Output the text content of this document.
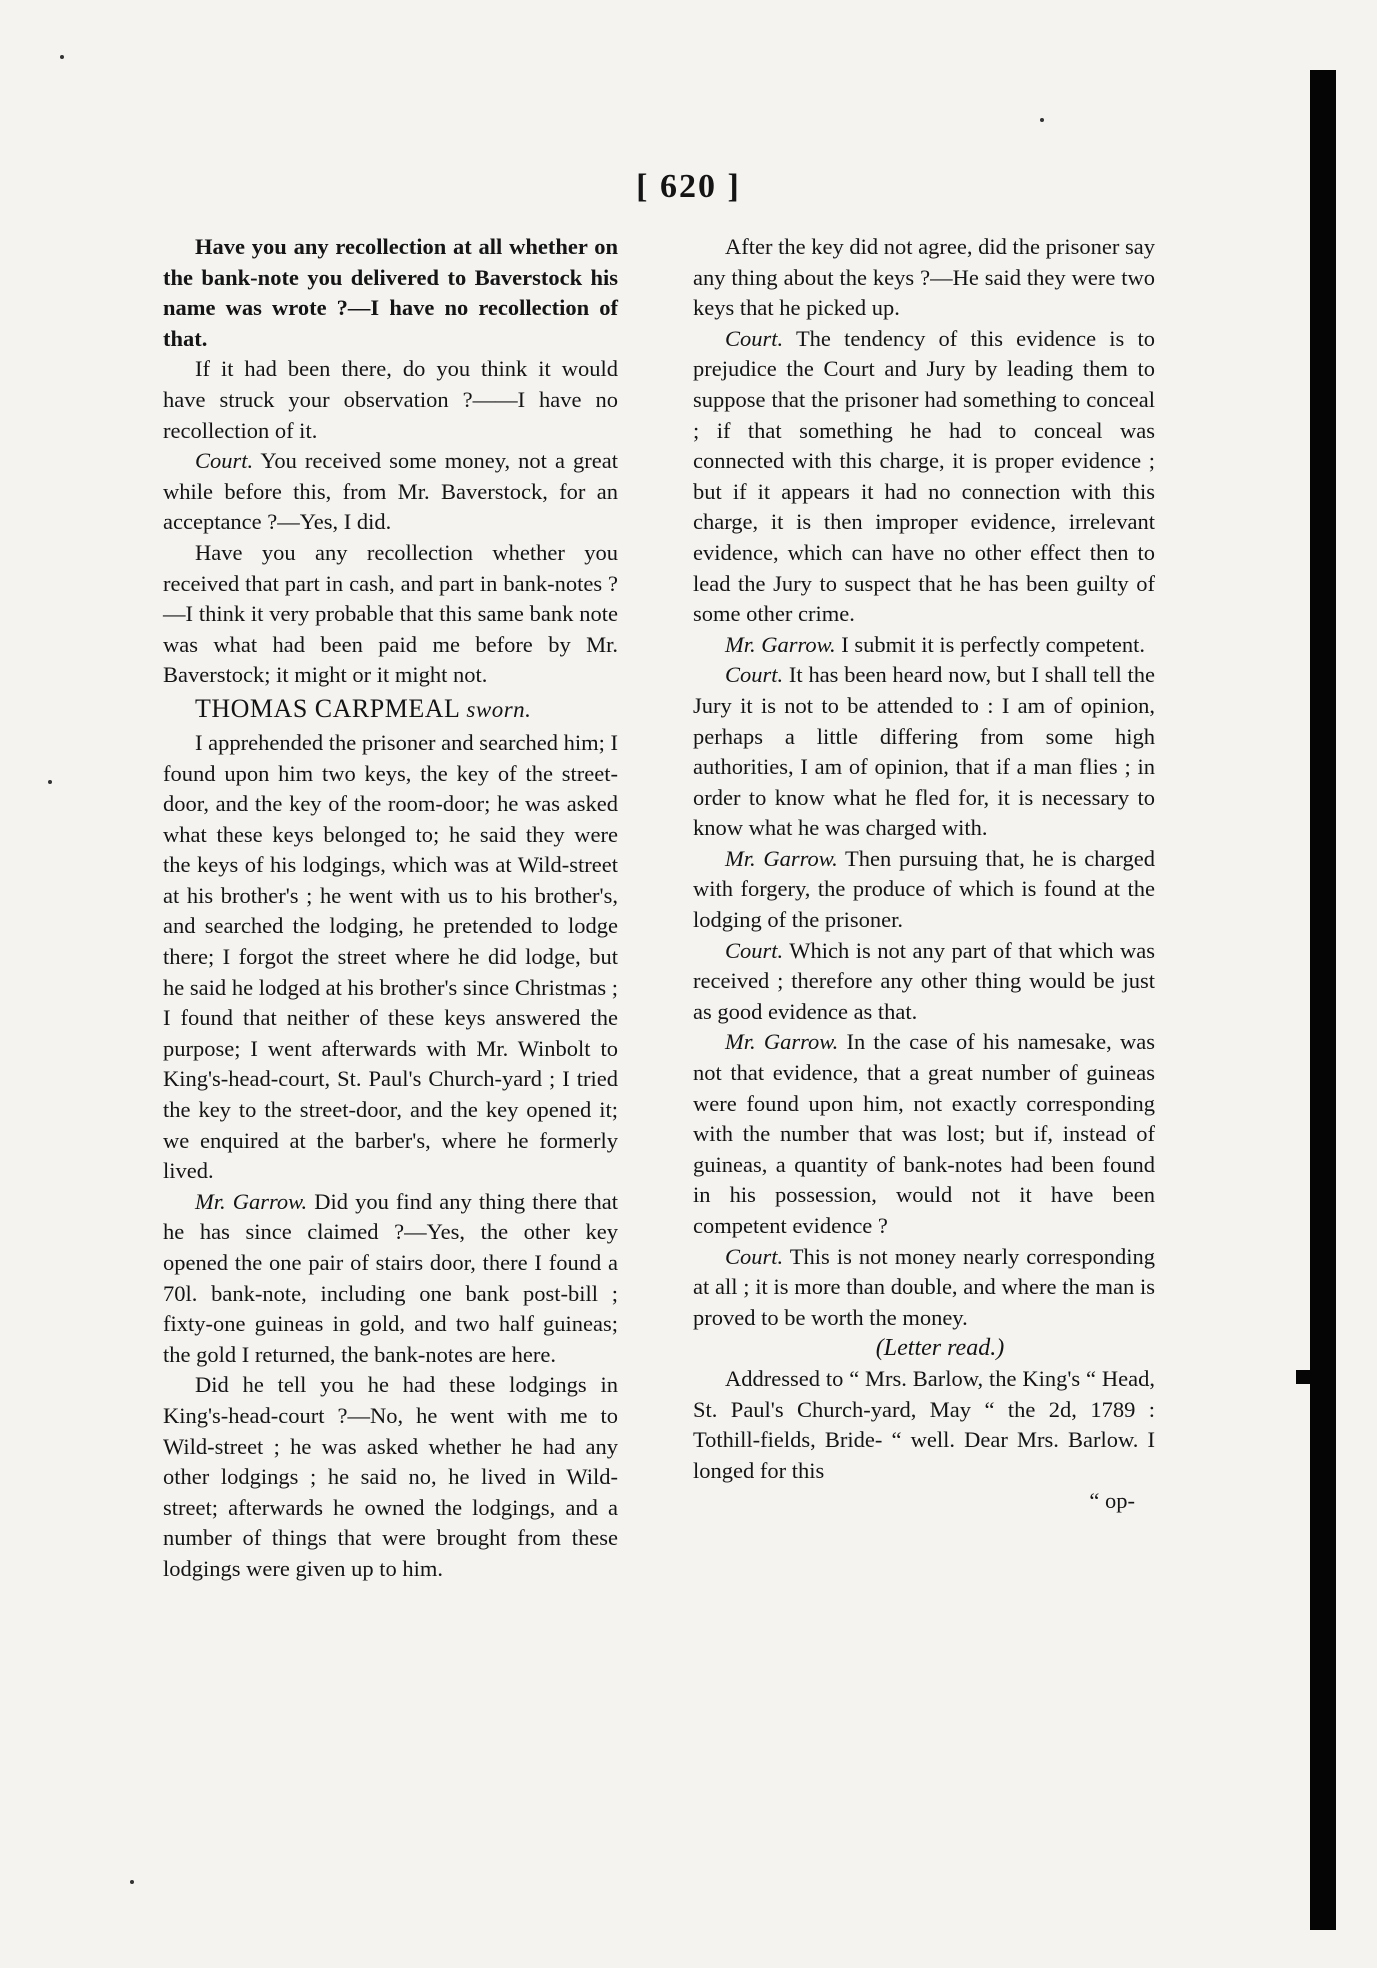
[ 620 ]

Have you any recollection at all whether on the bank-note you delivered to Baverstock his name was wrote ?—I have no recollection of that.

If it had been there, do you think it would have struck your observation ?——I have no recollection of it.

Court. You received some money, not a great while before this, from Mr. Baverstock, for an acceptance ?—Yes, I did.

Have you any recollection whether you received that part in cash, and part in bank-notes ?—I think it very probable that this same bank note was what had been paid me before by Mr. Baverstock; it might or it might not.

THOMAS CARPMEAL sworn.

I apprehended the prisoner and searched him; I found upon him two keys, the key of the street-door, and the key of the room-door; he was asked what these keys belonged to; he said they were the keys of his lodgings, which was at Wild-street at his brother's ; he went with us to his brother's, and searched the lodging, he pretended to lodge there; I forgot the street where he did lodge, but he said he lodged at his brother's since Christmas ; I found that neither of these keys answered the purpose; I went afterwards with Mr. Winbolt to King's-head-court, St. Paul's Church-yard ; I tried the key to the street-door, and the key opened it; we enquired at the barber's, where he formerly lived.

Mr. Garrow. Did you find any thing there that he has since claimed ?—Yes, the other key opened the one pair of stairs door, there I found a 70l. bank-note, including one bank post-bill ; fixty-one guineas in gold, and two half guineas; the gold I returned, the bank-notes are here.

Did he tell you he had these lodgings in King's-head-court ?—No, he went with me to Wild-street ; he was asked whether he had any other lodgings ; he said no, he lived in Wild-street; afterwards he owned the lodgings, and a number of things that were brought from these lodgings were given up to him.

After the key did not agree, did the prisoner say any thing about the keys ?—He said they were two keys that he picked up.

Court. The tendency of this evidence is to prejudice the Court and Jury by leading them to suppose that the prisoner had something to conceal ; if that something he had to conceal was connected with this charge, it is proper evidence ; but if it appears it had no connection with this charge, it is then improper evidence, irrelevant evidence, which can have no other effect then to lead the Jury to suspect that he has been guilty of some other crime.

Mr. Garrow. I submit it is perfectly competent.

Court. It has been heard now, but I shall tell the Jury it is not to be attended to : I am of opinion, perhaps a little differing from some high authorities, I am of opinion, that if a man flies ; in order to know what he fled for, it is necessary to know what he was charged with.

Mr. Garrow. Then pursuing that, he is charged with forgery, the produce of which is found at the lodging of the prisoner.

Court. Which is not any part of that which was received ; therefore any other thing would be just as good evidence as that.

Mr. Garrow. In the case of his namesake, was not that evidence, that a great number of guineas were found upon him, not exactly corresponding with the number that was lost; but if, instead of guineas, a quantity of bank-notes had been found in his possession, would not it have been competent evidence ?

Court. This is not money nearly corresponding at all ; it is more than double, and where the man is proved to be worth the money.

(Letter read.)

Addressed to “ Mrs. Barlow, the King's “ Head, St. Paul's Church-yard, May “ the 2d, 1789 : Tothill-fields, Bride- “ well. Dear Mrs. Barlow. I longed for this

“ op-
